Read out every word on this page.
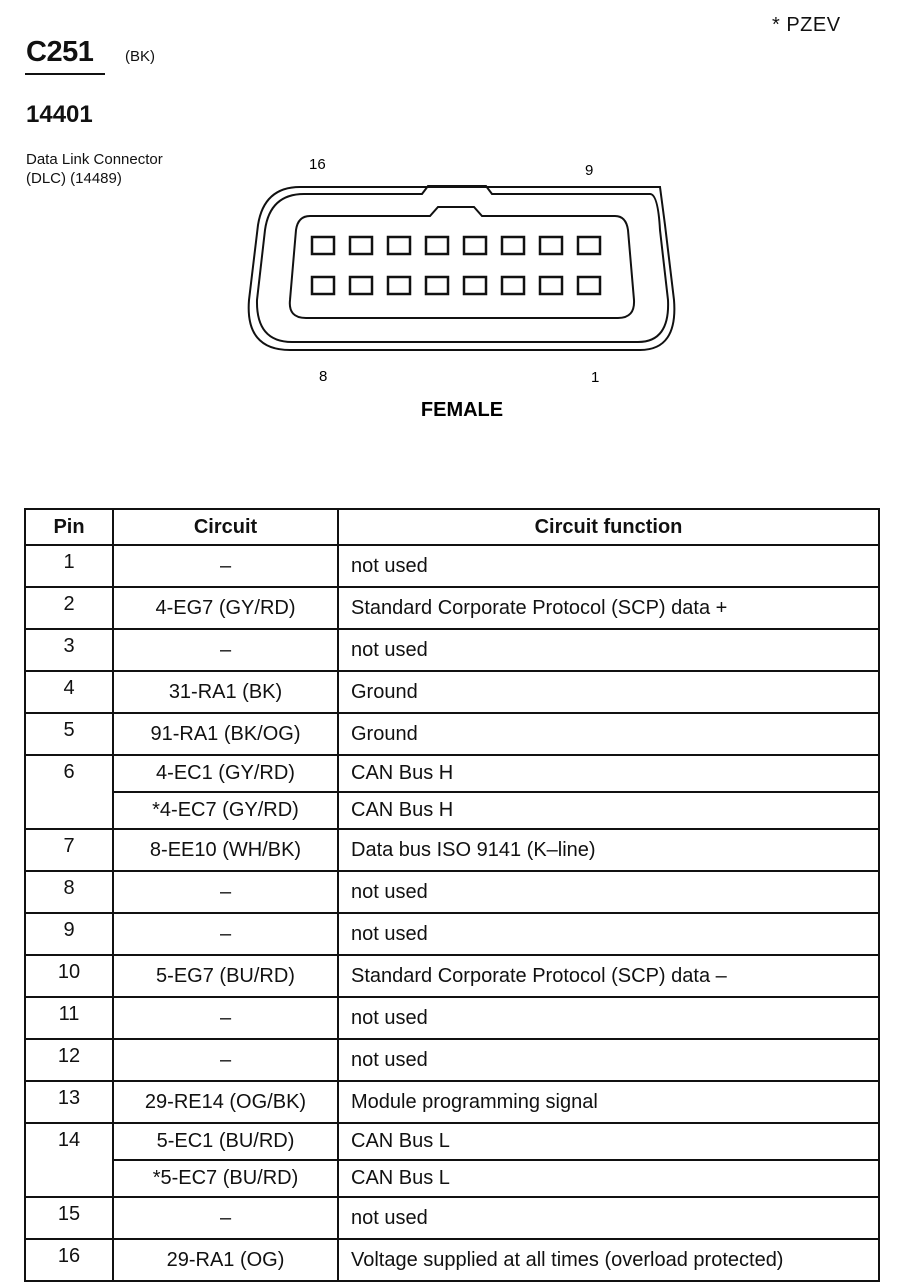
* PZEV
C251 (BK)
14401
Data Link Connector
(DLC) (14489)
16	9
8	1
FEMALE
Pin	Circuit	Circuit function
1	–	not used
2	4-EG7 (GY/RD)	Standard Corporate Protocol (SCP) data +
3	–	not used
4	31-RA1 (BK)	Ground
5	91-RA1 (BK/OG)	Ground
6	4-EC1 (GY/RD)	CAN Bus H
	*4-EC7 (GY/RD)	CAN Bus H
7	8-EE10 (WH/BK)	Data bus ISO 9141 (K–line)
8	–	not used
9	–	not used
10	5-EG7 (BU/RD)	Standard Corporate Protocol (SCP) data –
11	–	not used
12	–	not used
13	29-RE14 (OG/BK)	Module programming signal
14	5-EC1 (BU/RD)	CAN Bus L
	*5-EC7 (BU/RD)	CAN Bus L
15	–	not used
16	29-RA1 (OG)	Voltage supplied at all times (overload protected)
